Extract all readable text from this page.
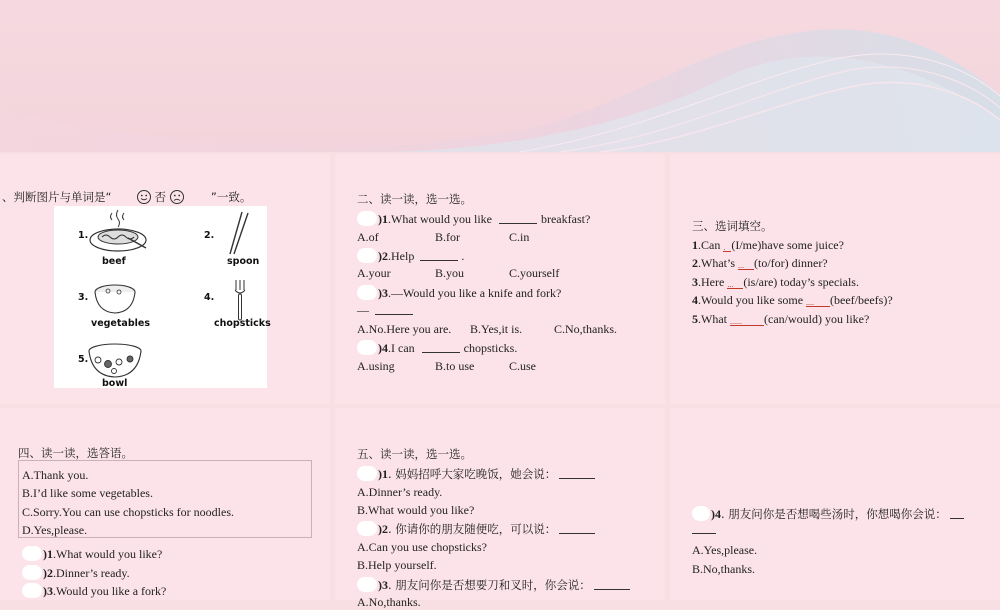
、判断图片与单词是“	否	”一致。
1.
beef
2.
spoon
3.
vegetables
4.
chopsticks
5.
bowl
二、读一读，选一选。
)1.What would you like	breakfast?
A.of	B.for	C.in
)2.Help	.
A.your	B.you	C.yourself
)3.—Would you like a knife and fork?
—
A.No.Here you are. B.Yes,it is.	C.No,thanks.
)4.I can	chopsticks.
A.using	B.to use	C.use
三、选词填空。
1.Can . (I/me)have some juice?
2.What’s ... (to/for) dinner?
3.Here ... (is/are) today’s specials.
4.Would you like some .... (beef/beefs)?
5.What ...... (can/would) you like?
四、读一读，选答语。
A.Thank you.
B.I’d like some vegetables.
C.Sorry.You can use chopsticks for noodles.
D.Yes,please.
)1.What would you like?
)2.Dinner’s ready.
)3.Would you like a fork?
五、读一读，选一选。
)1. 妈妈招呼大家吃晚饭，她会说：
A.Dinner’s ready.
B.What would you like?
)2. 你请你的朋友随便吃，可以说：
A.Can you use chopsticks?
B.Help yourself.
)3. 朋友问你是否想要刀和叉时，你会说：
A.No,thanks.
)4. 朋友问你是否想喝些汤时，你想喝你会说：
A.Yes,please.
B.No,thanks.
